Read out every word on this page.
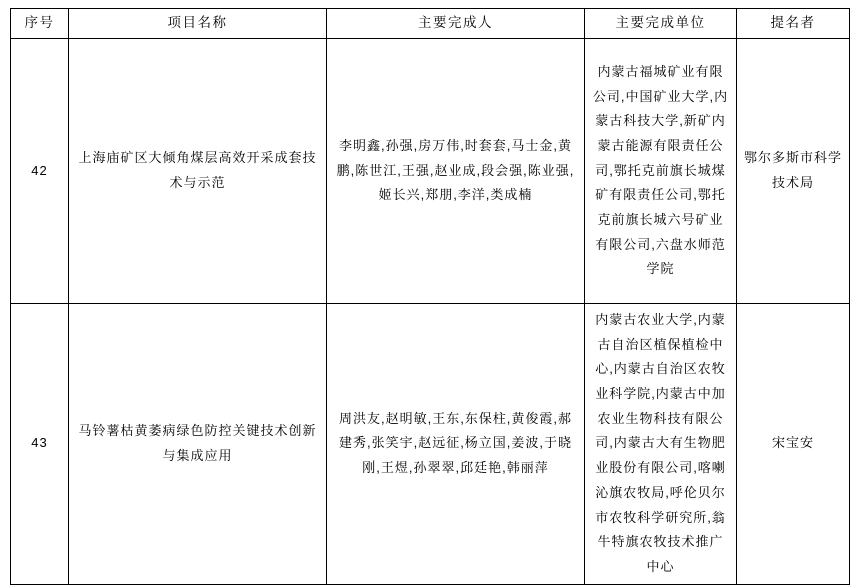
序号	项目名称	主要完成人	主要完成单位	提名者
42	上海庙矿区大倾角煤层高效开采成套技术与示范	李明鑫,孙强,房万伟,时套套,马士金,黄鹏,陈世江,王强,赵业成,段会强,陈业强,姬长兴,郑朋,李洋,类成楠	内蒙古福城矿业有限公司,中国矿业大学,内蒙古科技大学,新矿内蒙古能源有限责任公司,鄂托克前旗长城煤矿有限责任公司,鄂托克前旗长城六号矿业有限公司,六盘水师范学院	鄂尔多斯市科学技术局
43	马铃薯枯黄萎病绿色防控关键技术创新与集成应用	周洪友,赵明敏,王东,东保柱,黄俊霞,郝建秀,张笑宇,赵远征,杨立国,姜波,于晓刚,王煜,孙翠翠,邱廷艳,韩丽萍	内蒙古农业大学,内蒙古自治区植保植检中心,内蒙古自治区农牧业科学院,内蒙古中加农业生物科技有限公司,内蒙古大有生物肥业股份有限公司,喀喇沁旗农牧局,呼伦贝尔市农牧科学研究所,翁牛特旗农牧技术推广中心	宋宝安
